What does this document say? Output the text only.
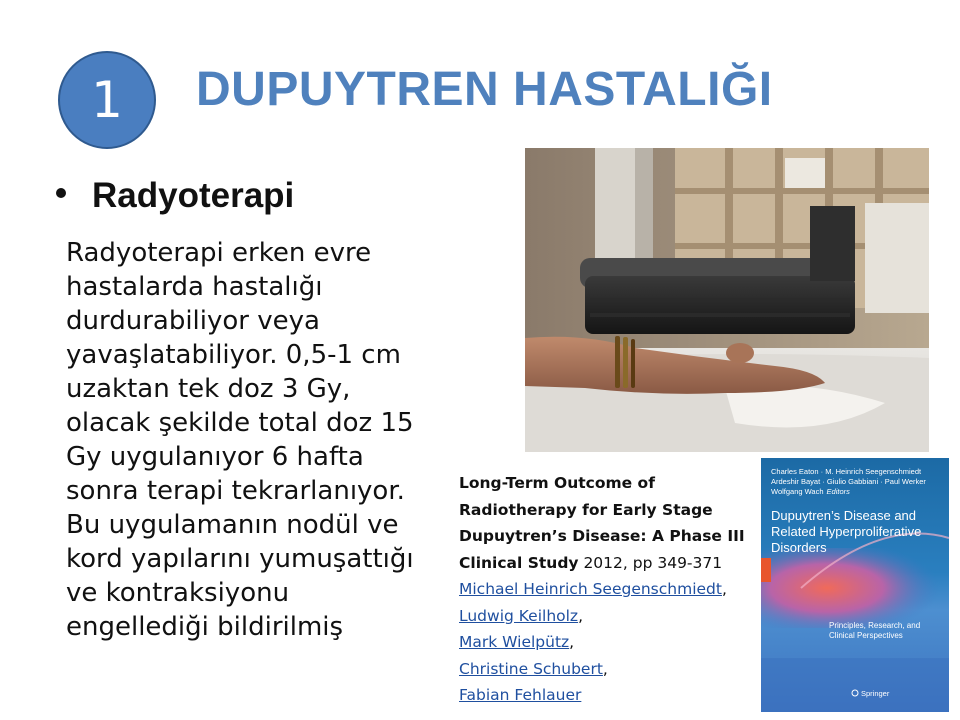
1 DUPUYTREN HASTALIĞI
Radyoterapi
Radyoterapi erken evre hastalarda hastalığı durdurabiliyor veya yavaşlatabiliyor. 0,5-1 cm uzaktan tek doz 3 Gy, olacak şekilde total doz 15 Gy uygulanıyor 6 hafta sonra terapi tekrarlanıyor. Bu uygulamanın nodül ve kord yapılarını yumuşattığı ve kontraksiyonu engellediği bildirilmiş
Long-Term Outcome of Radiotherapy for Early Stage Dupuytren’s Disease: A Phase III Clinical Study 2012, pp 349-371
Michael Heinrich Seegenschmiedt,
Ludwig Keilholz,
Mark Wielpütz,
Christine Schubert,
Fabian Fehlauer
Charles Eaton · M. Heinrich Seegenschmiedt
Ardeshir Bayat · Giulio Gabbiani · Paul Werker
Wolfgang Wach Editors
Dupuytren’s Disease and
Related Hyperproliferative
Disorders
Principles, Research, and
Clinical Perspectives
Springer
